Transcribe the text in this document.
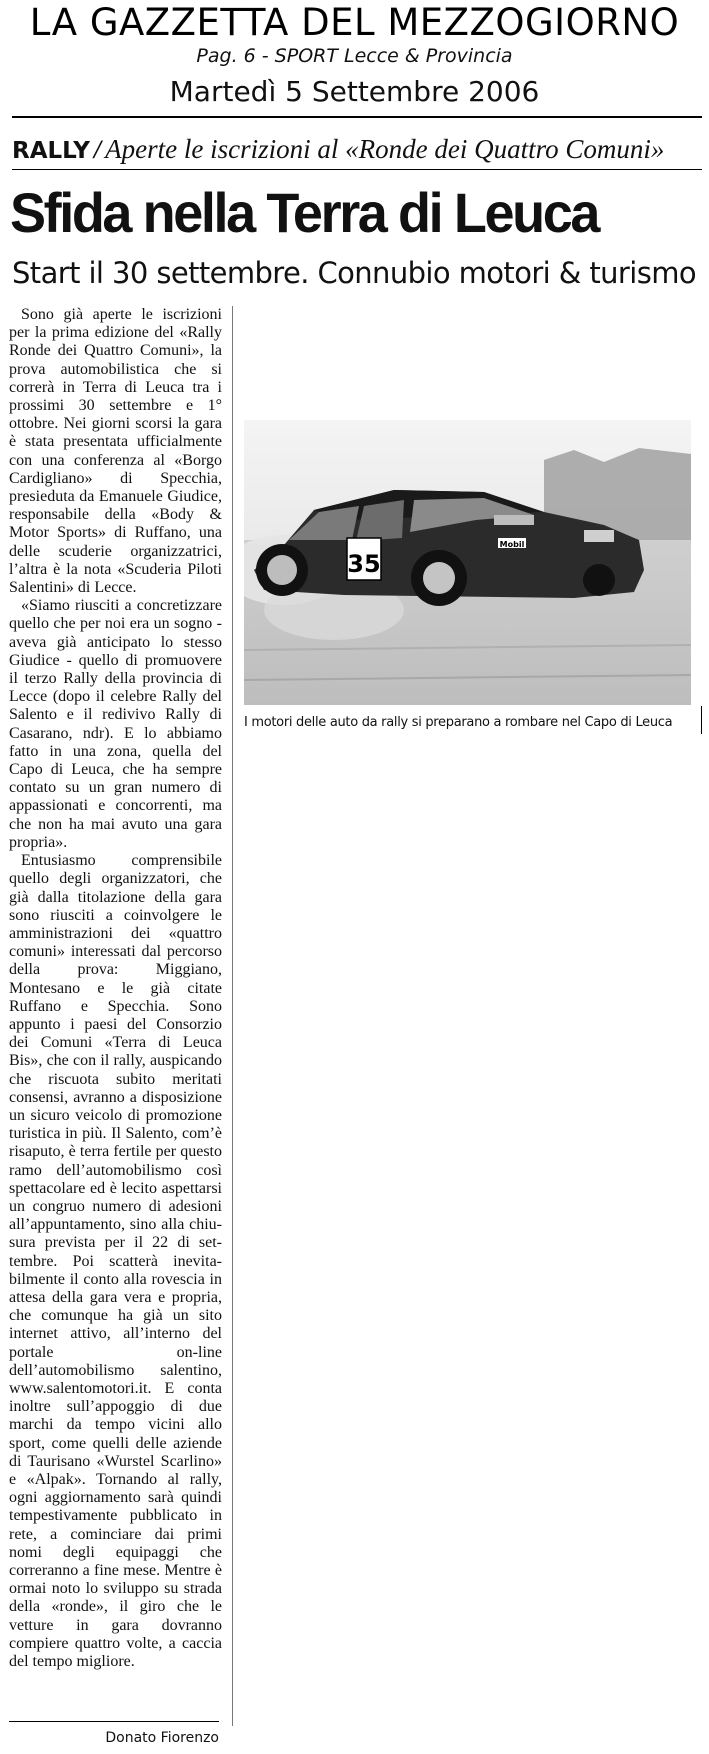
LA GAZZETTA DEL MEZZOGIORNO
Pag. 6 - SPORT Lecce & Provincia
Martedì 5 Settembre 2006
RALLY / Aperte le iscrizioni al «Ronde dei Quattro Comuni»
Sfida nella Terra di Leuca
Start il 30 settembre. Connubio motori & turismo

Sono già aperte le iscrizioni per la prima edizione del «Rally Ronde dei Quattro Comuni», la prova automobilistica che si correrà in Terra di Leuca tra i prossimi 30 settembre e 1° ottobre. Nei giorni scorsi la gara è stata presentata ufficialmente con una conferenza al «Borgo Cardigliano» di Specchia, presieduta da Emanuele Giudice, responsabile della «Body & Motor Sports» di Ruffano, una delle scuderie organizzatrici, l’altra è la nota «Scuderia Piloti Salentini» di Lecce.

«Siamo riusciti a concretizzare quello che per noi era un sogno - aveva già anticipato lo stesso Giudice - quello di promuovere il terzo Rally della provincia di Lecce (dopo il celebre Rally del Salento e il redivivo Rally di Casarano, ndr). E lo abbiamo fatto in una zona, quella del Capo di Leuca, che ha sempre contato su un gran numero di appassionati e concorrenti, ma che non ha mai avuto una gara propria».

Entusiasmo comprensibile quello degli organizzatori, che già dalla titolazione della gara sono riusciti a coinvolgere le amministrazioni dei «quattro comuni» interessati dal percorso della prova: Miggiano, Montesano e le già citate Ruffano e Specchia. Sono appunto i paesi del Consorzio dei Comuni «Terra di Leuca Bis», che con il rally, auspicando che riscuota subito meritati consensi, avranno a disposizione un sicuro veicolo di promozione turistica in più. Il Salento, com’è risaputo, è terra fertile per questo ramo dell’automobilismo così spettacolare ed è lecito aspettarsi un congruo numero di adesioni all’appuntamento, sino alla chiusura prevista per il 22 di settembre. Poi scatterà inevitabilmente il conto alla rovescia in attesa della gara vera e propria, che comunque ha già un sito internet attivo, all’interno del portale on-line dell’automobilismo salentino, www.salentomotori.it. E conta inoltre sull’appoggio di due marchi da tempo vicini allo sport, come quelli delle aziende di Taurisano «Wurstel Scarlino» e «Alpak». Tornando al rally, ogni aggiornamento sarà quindi tempestivamente pubblicato in rete, a cominciare dai primi nomi degli equipaggi che correranno a fine mese. Mentre è ormai noto lo sviluppo su strada della «ronde», il giro che le vetture in gara dovranno compiere quattro volte, a caccia del tempo migliore.

Donato Fiorenzo
35
Mobil
I motori delle auto da rally si preparano a rombare nel Capo di Leuca
